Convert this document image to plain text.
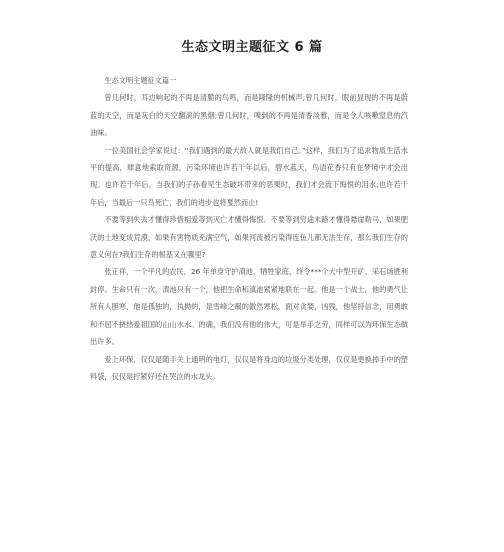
生态文明主题征文 6 篇

生态文明主题征文篇一

曾几何时，耳边响起的不再是清脆的鸟鸣，而是隆隆的机械声;曾几何时，眼前显现的不再是蔚蓝的天空，而是灰白的天空翻滚的黑烟;曾几何时，嗅到的不再是清香淡雅，而是令人咳嗽窒息的汽油味。

一位美国社会学家说过：“我们遇到的最大敌人就是我们自己。”这样，我们为了追求物质生活水平的提高，肆意地索取资源，污染环境也许若干年以后，碧水蓝天，鸟语花香只有在梦境中才会出现。也许若干年后，当我们的子孙看见生态破坏带来的恶果时，我们才会流下悔恨的泪水;也许若干年后，当最后一只鸟死亡，我们的进步也将戛然而止!

不要等到失去才懂得珍惜相爱等到灭亡才懂得悔恨。不要等到穷途末路才懂得悬崖勒马，如果肥沃的土地变成荒漠，如果有害物质充满空气，如果河流被污染得连鱼儿都无法生存，那么我们生存的意义何在?我们生存的根基又在哪里?

张正祥，一个平凡的农民，26 年单身守护滇池，牺牲家庭，终令***个大中型开矿、采石场胜利封停。生命只有一次，滇池只有一个，他把生命和滇池紧紧地联在一起。他是一个战士，他的勇气让所有人胆寒，他是孤独的，执拗的，是雪峰之巅的傲然寒松，面对贪婪，凶残，他坚持信念，用勇敢和不屈不挠热爱祖国的山山水水。的确，我们没有他的伟大，可是举手之劳，同样可以为环保生态做出许多。

爱上环保，仅仅是随手关上通明的电灯，仅仅是将身边的垃圾分类处理，仅仅是更换掉手中的塑料袋，仅仅是拧紧好还在哭泣的水龙头。
